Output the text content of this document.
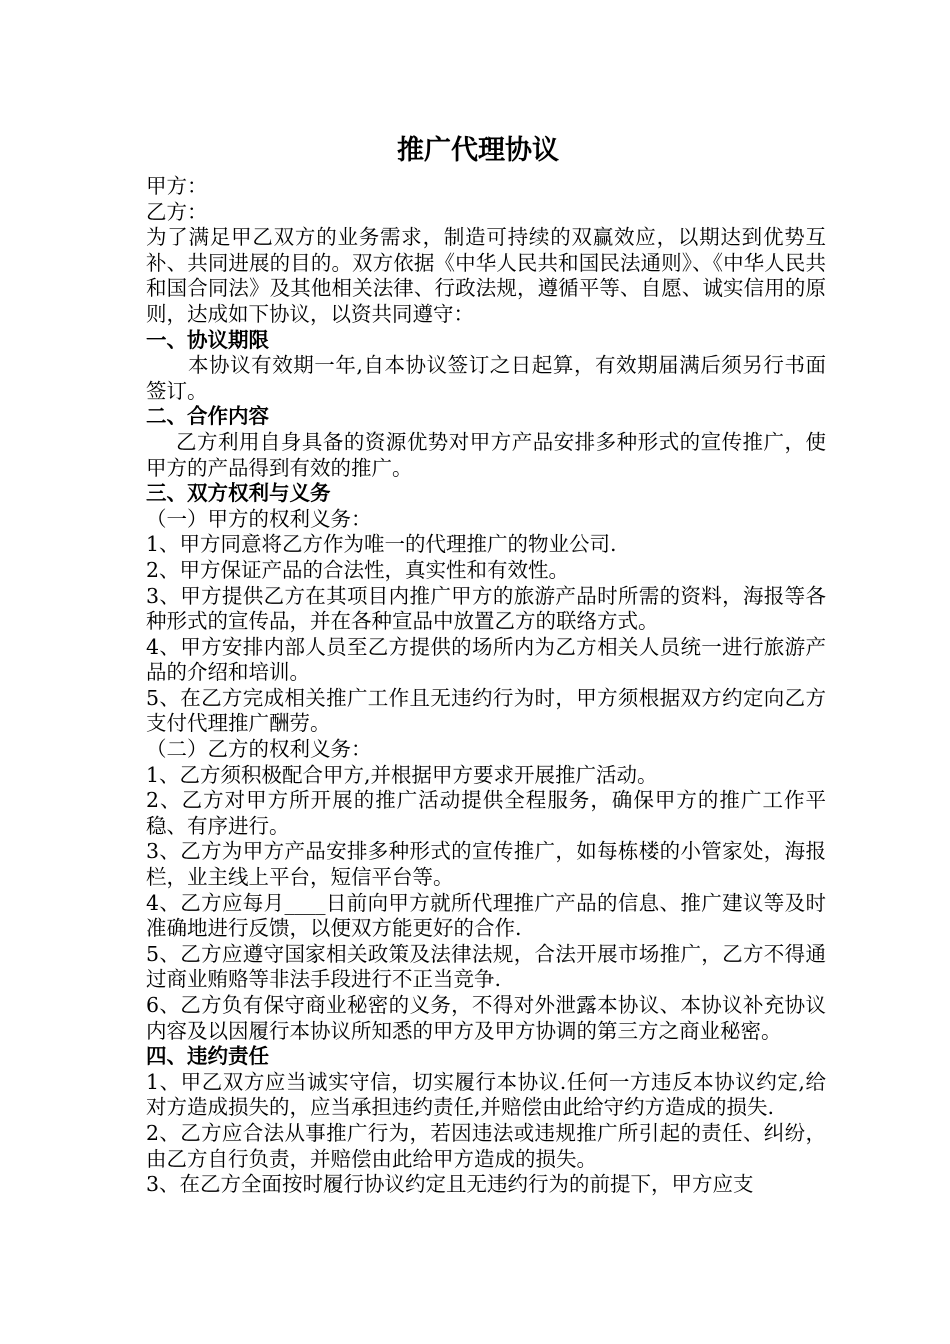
推广代理协议

甲方：

乙方：

为了满足甲乙双方的业务需求，制造可持续的双赢效应，以期达到优势互补、共同进展的目的。双方依据《中华人民共和国民法通则》、《中华人民共和国合同法》及其他相关法律、行政法规，遵循平等、自愿、诚实信用的原则，达成如下协议，以资共同遵守：

一、协议期限

本协议有效期一年,自本协议签订之日起算，有效期届满后须另行书面签订。

二、合作内容

乙方利用自身具备的资源优势对甲方产品安排多种形式的宣传推广，使甲方的产品得到有效的推广。

三、双方权利与义务

（一）甲方的权利义务：

1、甲方同意将乙方作为唯一的代理推广的物业公司.

2、甲方保证产品的合法性，真实性和有效性。

3、甲方提供乙方在其项目内推广甲方的旅游产品时所需的资料，海报等各种形式的宣传品，并在各种宣品中放置乙方的联络方式。

4、甲方安排内部人员至乙方提供的场所内为乙方相关人员统一进行旅游产品的介绍和培训。

5、在乙方完成相关推广工作且无违约行为时，甲方须根据双方约定向乙方支付代理推广酬劳。

（二）乙方的权利义务：

1、乙方须积极配合甲方,并根据甲方要求开展推广活动。

2、乙方对甲方所开展的推广活动提供全程服务，确保甲方的推广工作平稳、有序进行。

3、乙方为甲方产品安排多种形式的宣传推广，如每栋楼的小管家处，海报栏，业主线上平台，短信平台等。

4、乙方应每月____日前向甲方就所代理推广产品的信息、推广建议等及时准确地进行反馈，以便双方能更好的合作.

5、乙方应遵守国家相关政策及法律法规，合法开展市场推广，乙方不得通过商业贿赂等非法手段进行不正当竞争.

6、乙方负有保守商业秘密的义务，不得对外泄露本协议、本协议补充协议内容及以因履行本协议所知悉的甲方及甲方协调的第三方之商业秘密。

四、违约责任

1、甲乙双方应当诚实守信，切实履行本协议.任何一方违反本协议约定,给对方造成损失的，应当承担违约责任,并赔偿由此给守约方造成的损失.

2、乙方应合法从事推广行为，若因违法或违规推广所引起的责任、纠纷，由乙方自行负责，并赔偿由此给甲方造成的损失。

3、在乙方全面按时履行协议约定且无违约行为的前提下，甲方应支
